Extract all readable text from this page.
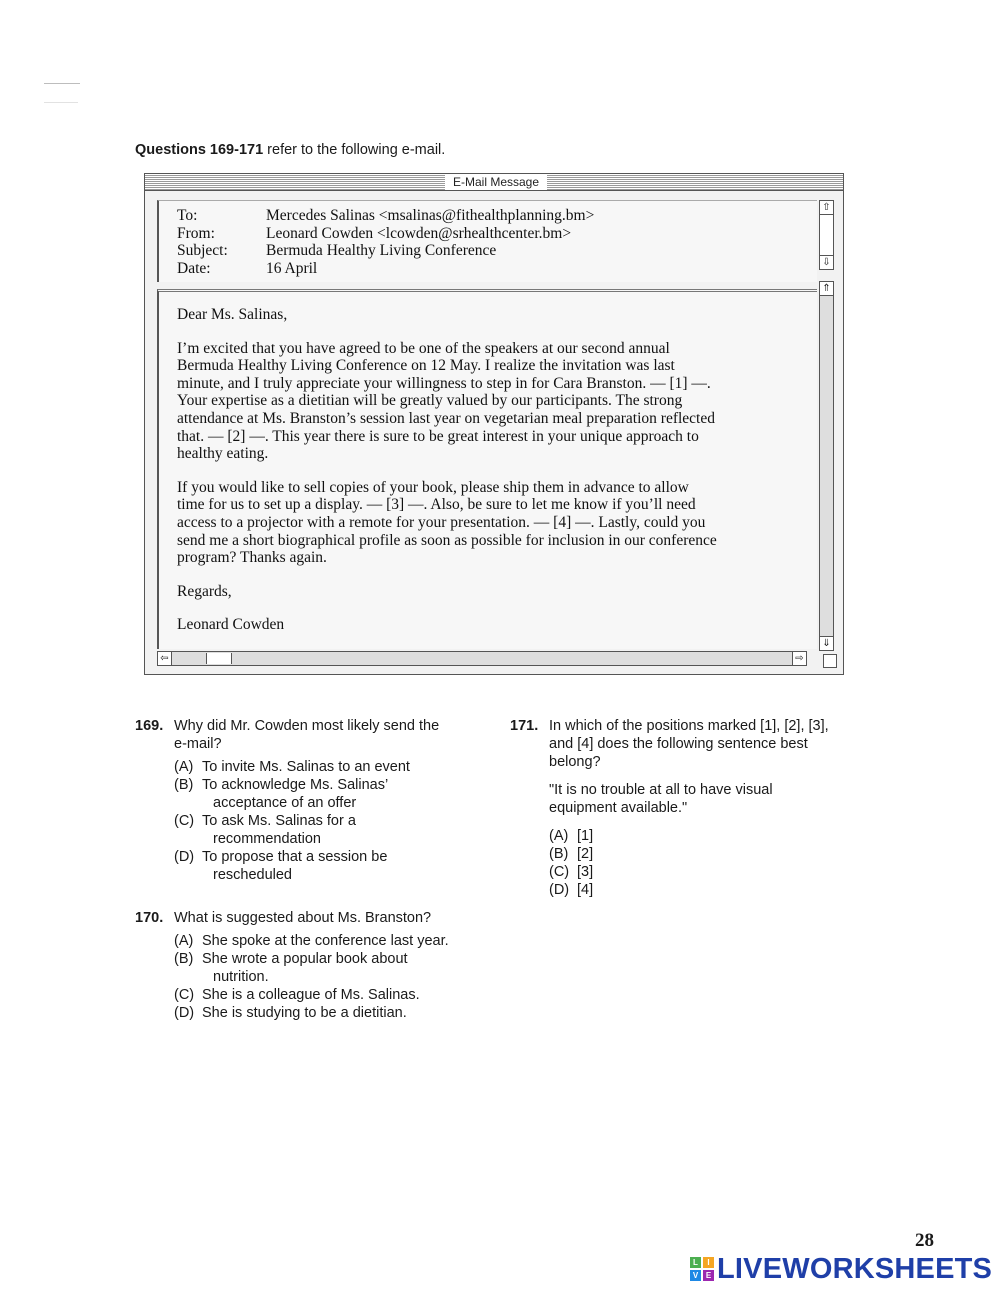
Questions 169-171 refer to the following e-mail.
E-Mail Message
To:	Mercedes Salinas <msalinas@fithealthplanning.bm>
From:	Leonard Cowden <lcowden@srhealthcenter.bm>
Subject: Bermuda Healthy Living Conference
Date:	16 April
⇧
⇩

Dear Ms. Salinas,

I’m excited that you have agreed to be one of the speakers at our second annual
Bermuda Healthy Living Conference on 12 May. I realize the invitation was last
minute, and I truly appreciate your willingness to step in for Cara Branston. — [1] —.
Your expertise as a dietitian will be greatly valued by our participants. The strong
attendance at Ms. Branston’s session last year on vegetarian meal preparation reflected
that. — [2] —. This year there is sure to be great interest in your unique approach to
healthy eating.

If you would like to sell copies of your book, please ship them in advance to allow
time for us to set up a display. — [3] —. Also, be sure to let me know if you’ll need
access to a projector with a remote for your presentation. — [4] —. Lastly, could you
send me a short biographical profile as soon as possible for inclusion in our conference
program? Thanks again.

Regards,

Leonard Cowden

⇑
⇓
⇦	⇨
169. Why did Mr. Cowden most likely send the
e-mail?
(A) To invite Ms. Salinas to an event
(B) To acknowledge Ms. Salinas’
acceptance of an offer
(C) To ask Ms. Salinas for a
recommendation
(D) To propose that a session be
rescheduled
170. What is suggested about Ms. Branston?
(A) She spoke at the conference last year.
(B) She wrote a popular book about
nutrition.
(C) She is a colleague of Ms. Salinas.
(D) She is studying to be a dietitian.
171. In which of the positions marked [1], [2], [3],
and [4] does the following sentence best
belong?
"It is no trouble at all to have visual
equipment available."
(A) [1]
(B) [2]
(C) [3]
(D) [4]
28
L	I
V E LIVEWORKSHEETS
